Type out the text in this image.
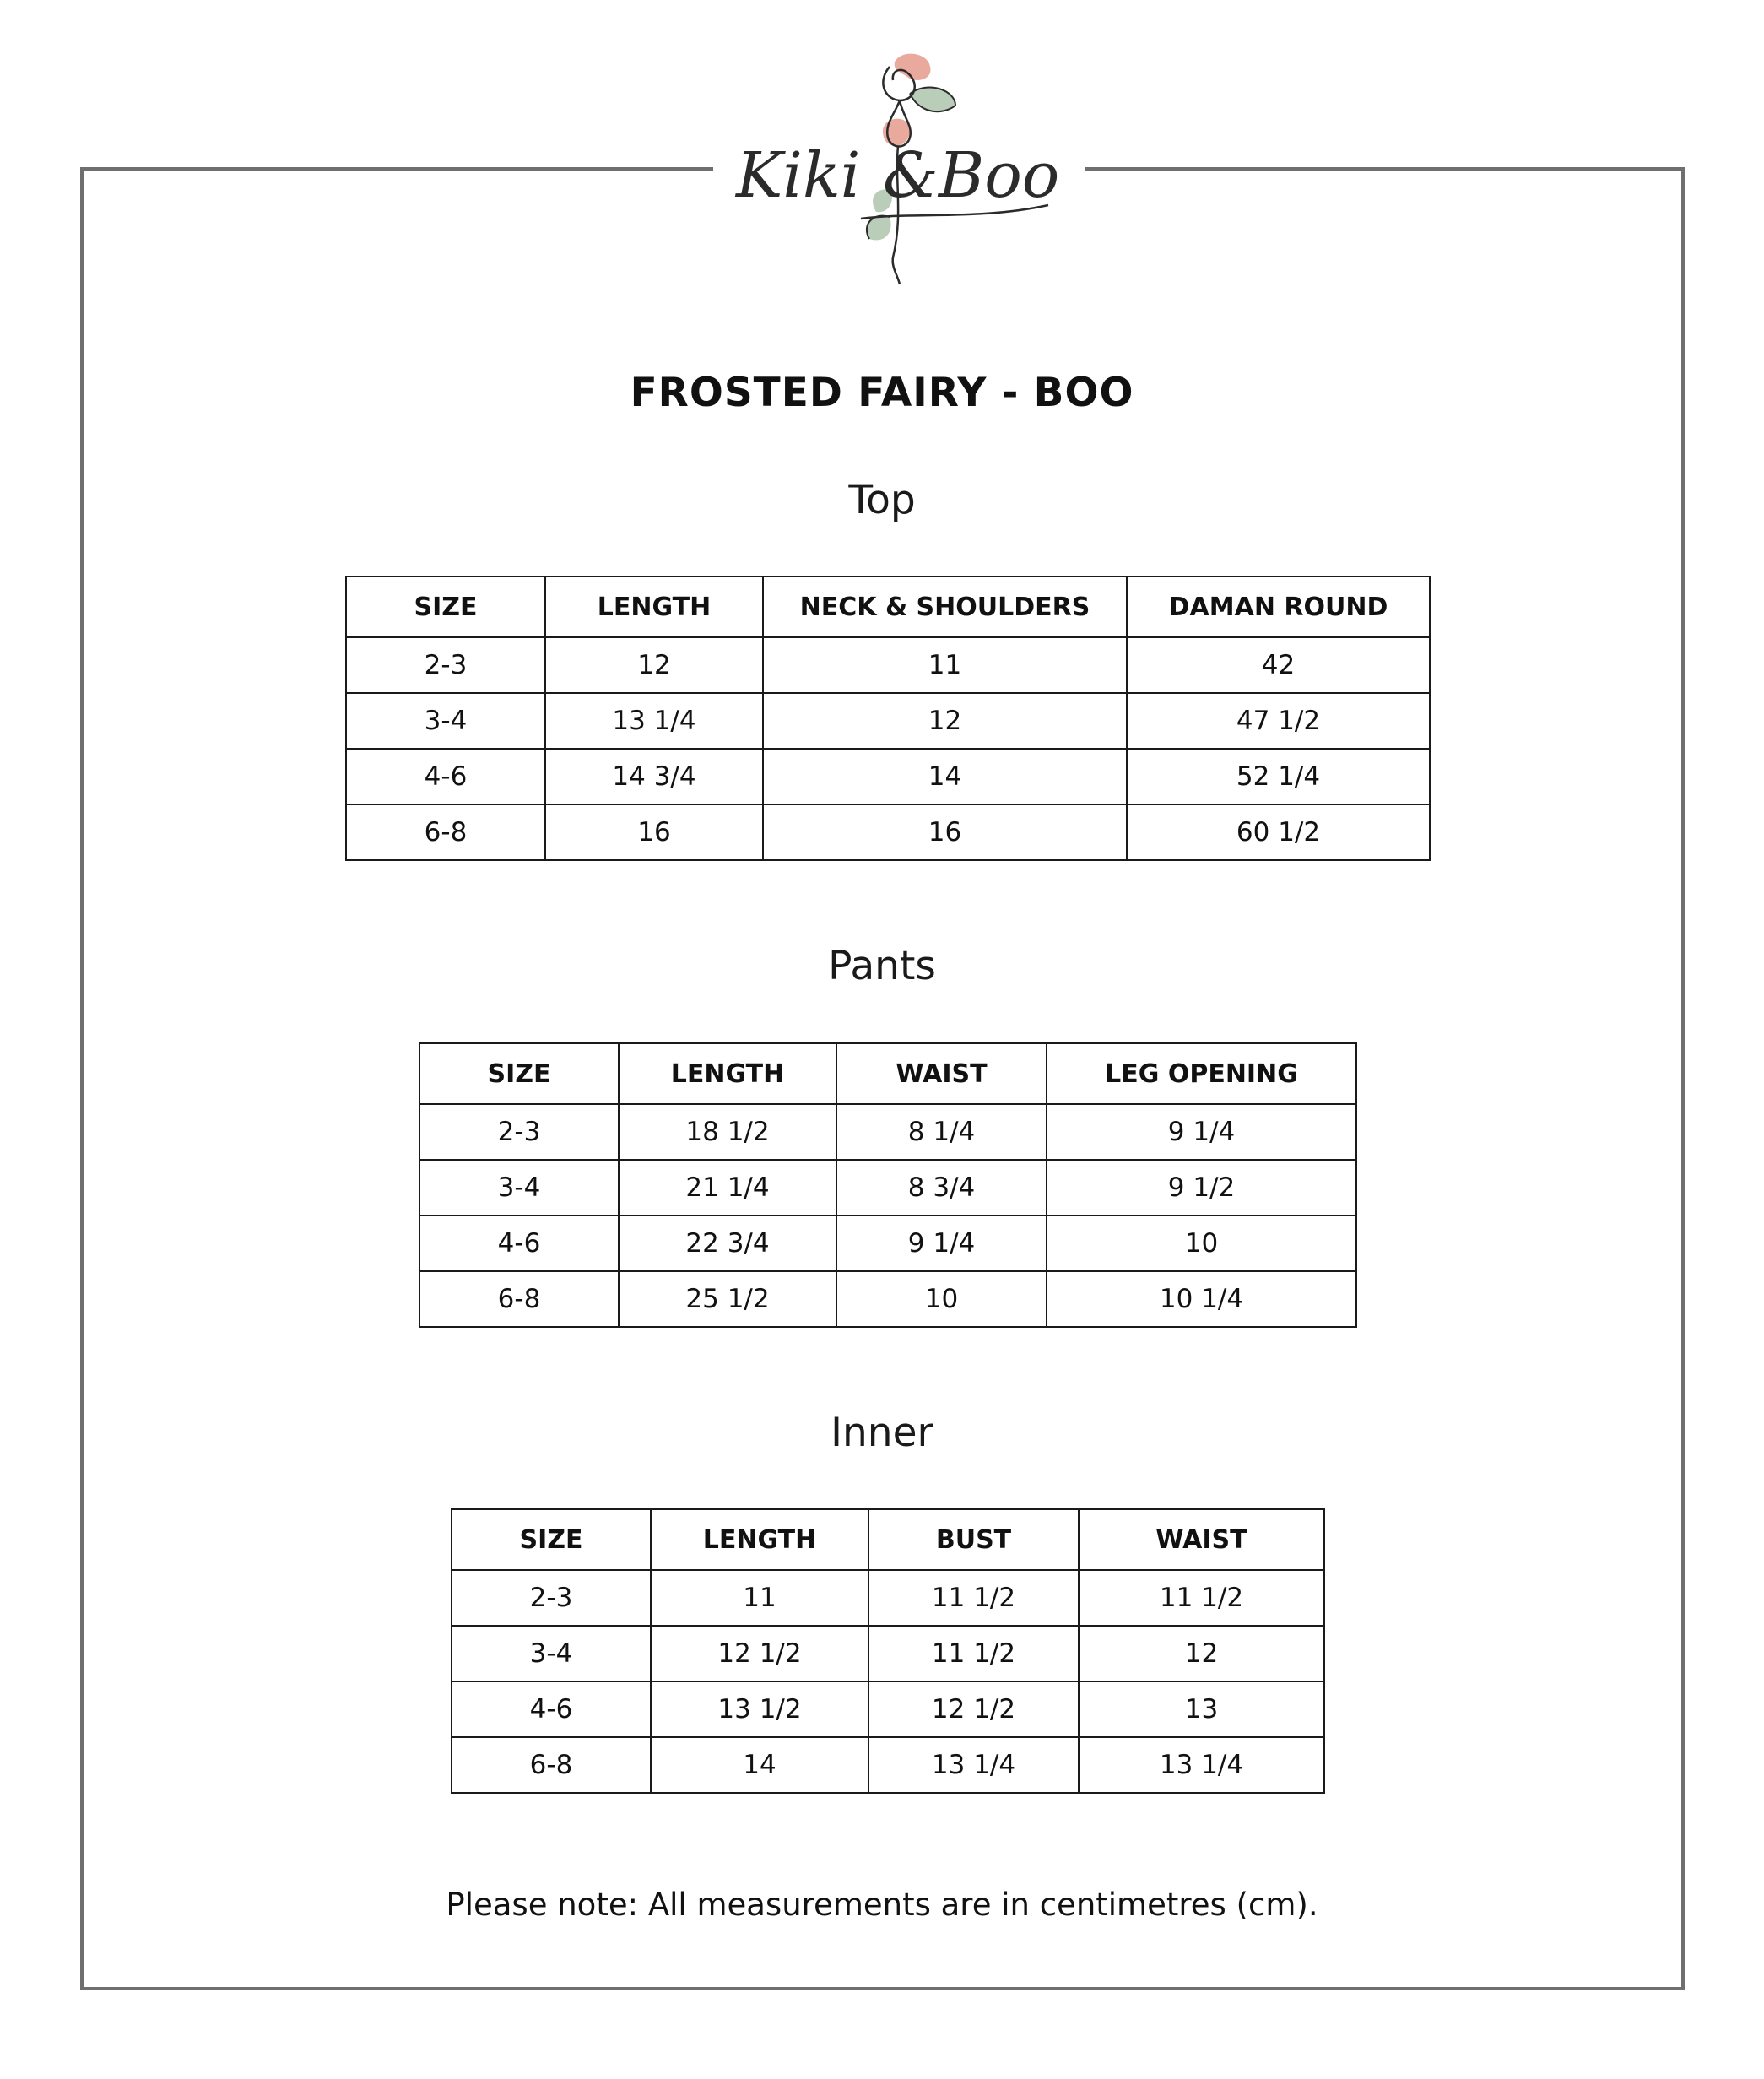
Kiki &Boo
FROSTED FAIRY - BOO
Top
SIZE	LENGTH	NECK & SHOULDERS	DAMAN ROUND
2-3	12	11	42
3-4	13 1/4	12	47 1/2
4-6	14 3/4	14	52 1/4
6-8	16	16	60 1/2
Pants
SIZE	LENGTH	WAIST	LEG OPENING
2-3	18 1/2	8 1/4	9 1/4
3-4	21 1/4	8 3/4	9 1/2
4-6	22 3/4	9 1/4	10
6-8	25 1/2	10	10 1/4
Inner
SIZE	LENGTH	BUST	WAIST
2-3	11	11 1/2	11 1/2
3-4	12 1/2	11 1/2	12
4-6	13 1/2	12 1/2	13
6-8	14	13 1/4	13 1/4
Please note: All measurements are in centimetres (cm).
